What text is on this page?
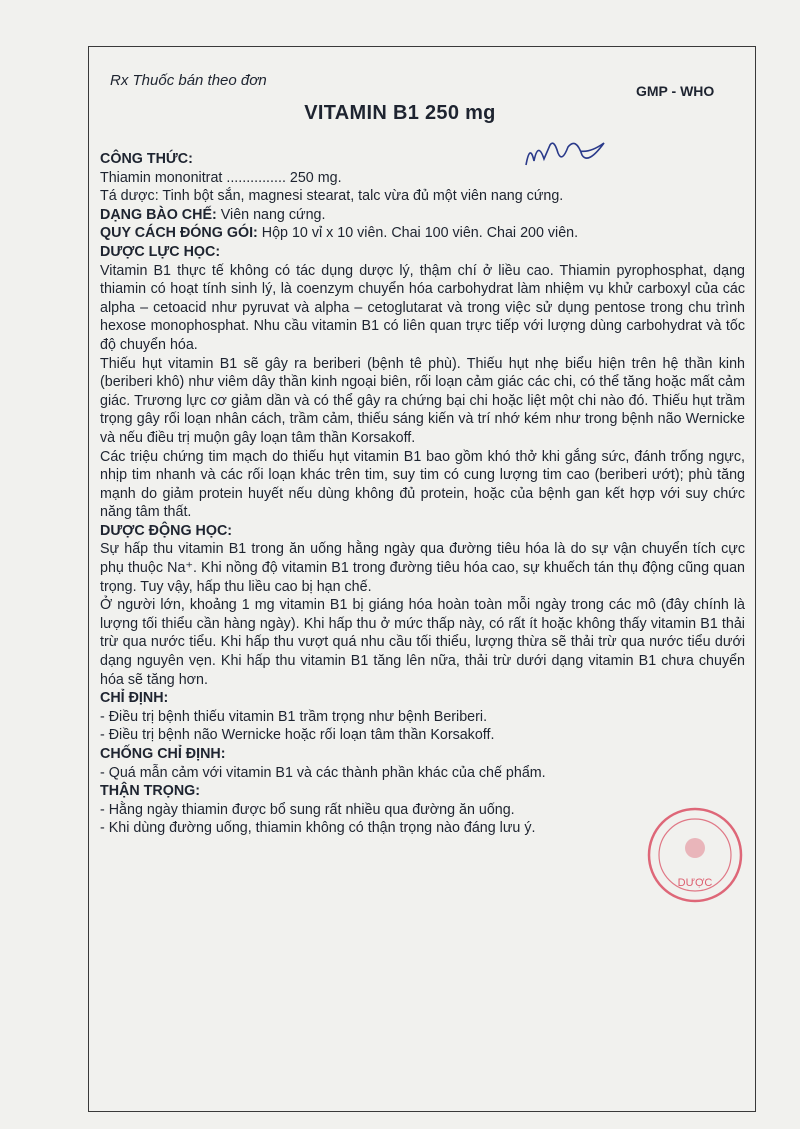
Rx Thuốc bán theo đơn
GMP - WHO
VITAMIN B1 250 mg

CÔNG THỨC:

Thiamin mononitrat ............... 250 mg.

Tá dược: Tinh bột sắn, magnesi stearat, talc vừa đủ một viên nang cứng.

DẠNG BÀO CHẾ: Viên nang cứng.

QUY CÁCH ĐÓNG GÓI: Hộp 10 vỉ x 10 viên. Chai 100 viên. Chai 200 viên.

DƯỢC LỰC HỌC:

Vitamin B1 thực tế không có tác dụng dược lý, thậm chí ở liều cao. Thiamin pyrophosphat, dạng thiamin có hoạt tính sinh lý, là coenzym chuyển hóa carbohydrat làm nhiệm vụ khử carboxyl của các alpha – cetoacid như pyruvat và alpha – cetoglutarat và trong việc sử dụng pentose trong chu trình hexose monophosphat. Nhu cầu vitamin B1 có liên quan trực tiếp với lượng dùng carbohydrat và tốc độ chuyển hóa.

Thiếu hụt vitamin B1 sẽ gây ra beriberi (bệnh tê phù). Thiếu hụt nhẹ biểu hiện trên hệ thần kinh (beriberi khô) như viêm dây thần kinh ngoại biên, rối loạn cảm giác các chi, có thể tăng hoặc mất cảm giác. Trương lực cơ giảm dần và có thể gây ra chứng bại chi hoặc liệt một chi nào đó. Thiếu hụt trầm trọng gây rối loạn nhân cách, trầm cảm, thiếu sáng kiến và trí nhớ kém như trong bệnh não Wernicke và nếu điều trị muộn gây loạn tâm thần Korsakoff.

Các triệu chứng tim mạch do thiếu hụt vitamin B1 bao gồm khó thở khi gắng sức, đánh trống ngực, nhịp tim nhanh và các rối loạn khác trên tim, suy tim có cung lượng tim cao (beriberi ướt); phù tăng mạnh do giảm protein huyết nếu dùng không đủ protein, hoặc của bệnh gan kết hợp với suy chức năng tâm thất.

DƯỢC ĐỘNG HỌC:

Sự hấp thu vitamin B1 trong ăn uống hằng ngày qua đường tiêu hóa là do sự vận chuyển tích cực phụ thuộc Na⁺. Khi nồng độ vitamin B1 trong đường tiêu hóa cao, sự khuếch tán thụ động cũng quan trọng. Tuy vậy, hấp thu liều cao bị hạn chế.

Ở người lớn, khoảng 1 mg vitamin B1 bị giáng hóa hoàn toàn mỗi ngày trong các mô (đây chính là lượng tối thiểu cần hàng ngày). Khi hấp thu ở mức thấp này, có rất ít hoặc không thấy vitamin B1 thải trừ qua nước tiểu. Khi hấp thu vượt quá nhu cầu tối thiểu, lượng thừa sẽ thải trừ qua nước tiểu dưới dạng nguyên vẹn. Khi hấp thu vitamin B1 tăng lên nữa, thải trừ dưới dạng vitamin B1 chưa chuyển hóa sẽ tăng hơn.

CHỈ ĐỊNH:

- Điều trị bệnh thiếu vitamin B1 trầm trọng như bệnh Beriberi.

- Điều trị bệnh não Wernicke hoặc rối loạn tâm thần Korsakoff.

CHỐNG CHỈ ĐỊNH:

- Quá mẫn cảm với vitamin B1 và các thành phần khác của chế phẩm.

THẬN TRỌNG:

- Hằng ngày thiamin được bổ sung rất nhiều qua đường ăn uống.

- Khi dùng đường uống, thiamin không có thận trọng nào đáng lưu ý.

DƯỢC
